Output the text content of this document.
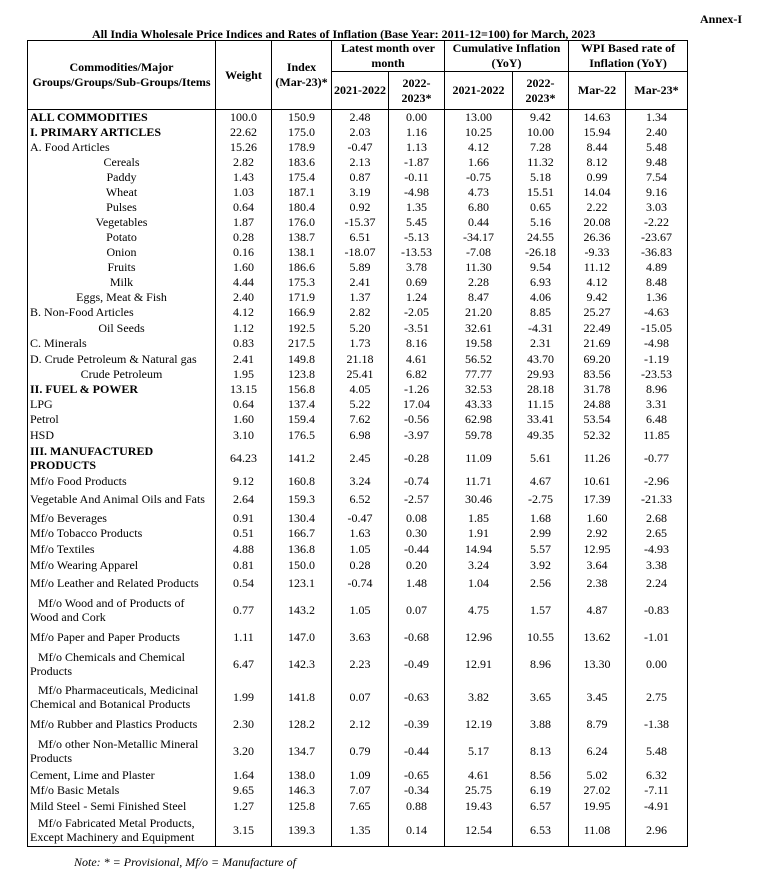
Annex-I
All India Wholesale Price Indices and Rates of Inflation (Base Year: 2011-12=100) for March, 2023
Commodities/Major Groups/Groups/Sub-Groups/Items	Weight	Index (Mar-23)*	Latest month over month		Cumulative Inflation (YoY)		WPI Based rate of Inflation (YoY)	
			2021-2022	2022-2023*	2021-2022	2022-2023*	Mar-22	Mar-23*
ALL COMMODITIES	100.0	150.9	2.48	0.00	13.00	9.42	14.63	1.34
I. PRIMARY ARTICLES	22.62	175.0	2.03	1.16	10.25	10.00	15.94	2.40
A. Food Articles	15.26	178.9	-0.47	1.13	4.12	7.28	8.44	5.48
Cereals	2.82	183.6	2.13	-1.87	1.66	11.32	8.12	9.48
Paddy	1.43	175.4	0.87	-0.11	-0.75	5.18	0.99	7.54
Wheat	1.03	187.1	3.19	-4.98	4.73	15.51	14.04	9.16
Pulses	0.64	180.4	0.92	1.35	6.80	0.65	2.22	3.03
Vegetables	1.87	176.0	-15.37	5.45	0.44	5.16	20.08	-2.22
Potato	0.28	138.7	6.51	-5.13	-34.17	24.55	26.36	-23.67
Onion	0.16	138.1	-18.07	-13.53	-7.08	-26.18	-9.33	-36.83
Fruits	1.60	186.6	5.89	3.78	11.30	9.54	11.12	4.89
Milk	4.44	175.3	2.41	0.69	2.28	6.93	4.12	8.48
Eggs, Meat & Fish	2.40	171.9	1.37	1.24	8.47	4.06	9.42	1.36
B. Non-Food Articles	4.12	166.9	2.82	-2.05	21.20	8.85	25.27	-4.63
Oil Seeds	1.12	192.5	5.20	-3.51	32.61	-4.31	22.49	-15.05
C. Minerals	0.83	217.5	1.73	8.16	19.58	2.31	21.69	-4.98
D. Crude Petroleum & Natural gas	2.41	149.8	21.18	4.61	56.52	43.70	69.20	-1.19
Crude Petroleum	1.95	123.8	25.41	6.82	77.77	29.93	83.56	-23.53
II. FUEL & POWER	13.15	156.8	4.05	-1.26	32.53	28.18	31.78	8.96
LPG	0.64	137.4	5.22	17.04	43.33	11.15	24.88	3.31
Petrol	1.60	159.4	7.62	-0.56	62.98	33.41	53.54	6.48
HSD	3.10	176.5	6.98	-3.97	59.78	49.35	52.32	11.85
III. MANUFACTURED PRODUCTS	64.23	141.2	2.45	-0.28	11.09	5.61	11.26	-0.77
Mf/o Food Products	9.12	160.8	3.24	-0.74	11.71	4.67	10.61	-2.96
Vegetable And Animal Oils and Fats	2.64	159.3	6.52	-2.57	30.46	-2.75	17.39	-21.33
Mf/o Beverages	0.91	130.4	-0.47	0.08	1.85	1.68	1.60	2.68
Mf/o Tobacco Products	0.51	166.7	1.63	0.30	1.91	2.99	2.92	2.65
Mf/o Textiles	4.88	136.8	1.05	-0.44	14.94	5.57	12.95	-4.93
Mf/o Wearing Apparel	0.81	150.0	0.28	0.20	3.24	3.92	3.64	3.38
Mf/o Leather and Related Products	0.54	123.1	-0.74	1.48	1.04	2.56	2.38	2.24
Mf/o Wood and of Products of Wood and Cork	0.77	143.2	1.05	0.07	4.75	1.57	4.87	-0.83
Mf/o Paper and Paper Products	1.11	147.0	3.63	-0.68	12.96	10.55	13.62	-1.01
Mf/o Chemicals and Chemical Products	6.47	142.3	2.23	-0.49	12.91	8.96	13.30	0.00
Mf/o Pharmaceuticals, Medicinal Chemical and Botanical Products	1.99	141.8	0.07	-0.63	3.82	3.65	3.45	2.75
Mf/o Rubber and Plastics Products	2.30	128.2	2.12	-0.39	12.19	3.88	8.79	-1.38
Mf/o other Non-Metallic Mineral Products	3.20	134.7	0.79	-0.44	5.17	8.13	6.24	5.48
Cement, Lime and Plaster	1.64	138.0	1.09	-0.65	4.61	8.56	5.02	6.32
Mf/o Basic Metals	9.65	146.3	7.07	-0.34	25.75	6.19	27.02	-7.11
Mild Steel - Semi Finished Steel	1.27	125.8	7.65	0.88	19.43	6.57	19.95	-4.91
Mf/o Fabricated Metal Products, Except Machinery and Equipment	3.15	139.3	1.35	0.14	12.54	6.53	11.08	2.96
Note: * = Provisional, Mf/o = Manufacture of
